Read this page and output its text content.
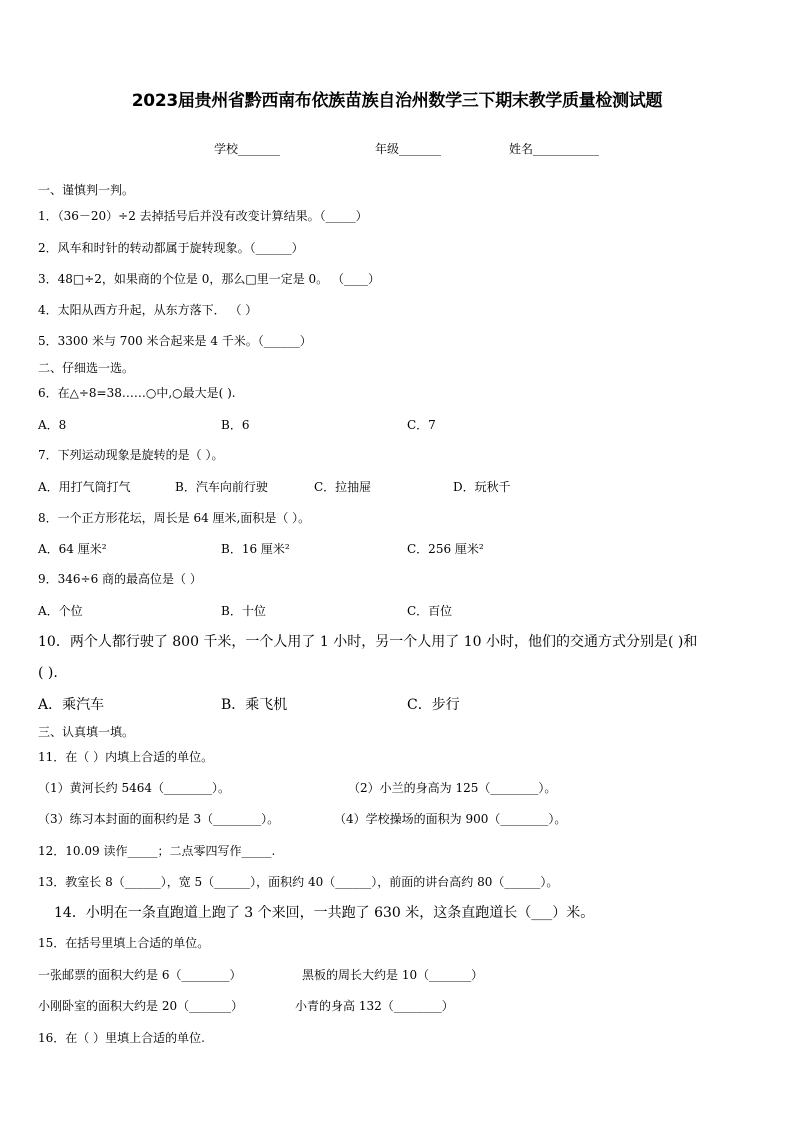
2023届贵州省黔西南布依族苗族自治州数学三下期末教学质量检测试题
学校_______	年级_______	姓名___________
一、谨慎判一判。
1．（36－20）÷2 去掉括号后并没有改变计算结果。（_____）
2．风车和时针的转动都属于旋转现象。（______）
3．48□÷2，如果商的个位是 0，那么□里一定是 0。 （____）
4．太阳从西方升起，从东方落下． （ ）
5．3300 米与 700 米合起来是 4 千米。（______）
二、仔细选一选。
6．在△÷8=38……○中,○最大是( ).
A．8	B．6	C．7
7．下列运动现象是旋转的是（ ）。
A．用打气筒打气	B．汽车向前行驶	C．拉抽屉	D．玩秋千
8．一个正方形花坛，周长是 64 厘米,面积是（ ）。
A．64 厘米²	B．16 厘米²	C．256 厘米²
9．346÷6 商的最高位是（ ）
A．个位	B．十位	C．百位
10．两个人都行驶了 800 千米，一个人用了 1 小时，另一个人用了 10 小时，他们的交通方式分别是( )和
( ).
A．乘汽车	B．乘飞机	C．步行
三、认真填一填。
11．在（ ）内填上合适的单位。
（1）黄河长约 5464（________）。	（2）小兰的身高为 125（________）。
（3）练习本封面的面积约是 3（________）。	（4）学校操场的面积为 900（________）。
12．10.09 读作_____；二点零四写作_____.
13．教室长 8（______），宽 5（______），面积约 40（______），前面的讲台高约 80（______）。
14．小明在一条直跑道上跑了 3 个来回，一共跑了 630 米，这条直跑道长（___）米。
15．在括号里填上合适的单位。
一张邮票的面积大约是 6（________）	黑板的周长大约是 10（_______）
小刚卧室的面积大约是 20（_______）	小青的身高 132（________）
16．在（ ）里填上合适的单位.
